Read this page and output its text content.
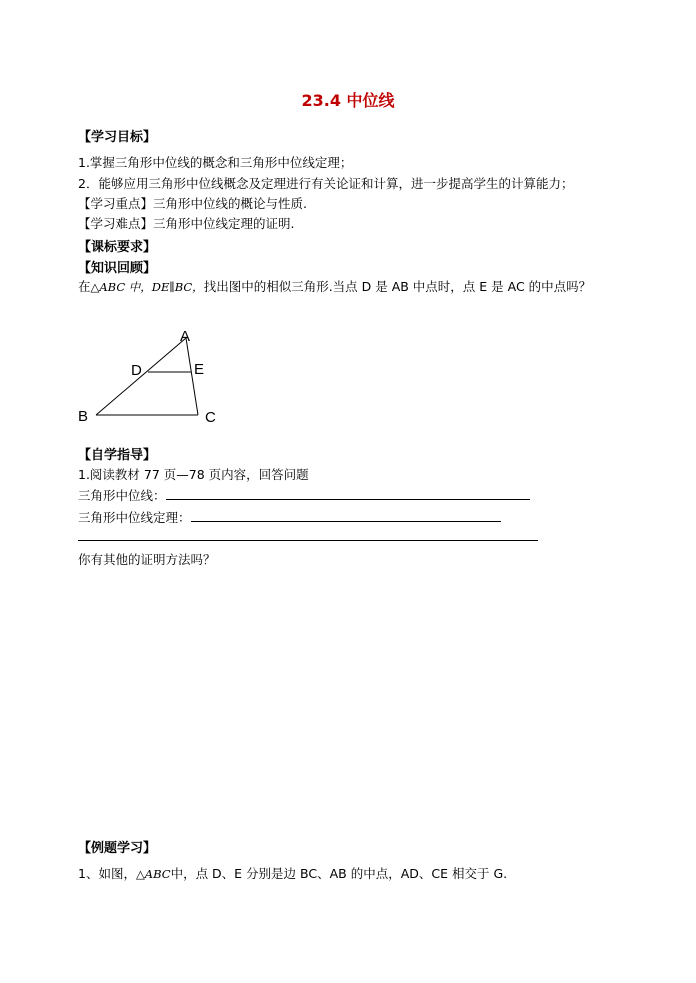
23.4 中位线
【学习目标】
1.掌握三角形中位线的概念和三角形中位线定理；
2．能够应用三角形中位线概念及定理进行有关论证和计算，进一步提高学生的计算能力；
【学习重点】三角形中位线的概论与性质.
【学习难点】三角形中位线定理的证明.
【课标要求】
【知识回顾】
在△ABC 中，DE∥BC，找出图中的相似三角形.当点 D 是 AB 中点时，点 E 是 AC 的中点吗？
A
B	C
D	E
【自学指导】
1.阅读教材 77 页—78 页内容，回答问题
三角形中位线：
三角形中位线定理：
你有其他的证明方法吗？
【例题学习】
1、如图，△ABC中，点 D、E 分别是边 BC、AB 的中点，AD、CE 相交于 G.
